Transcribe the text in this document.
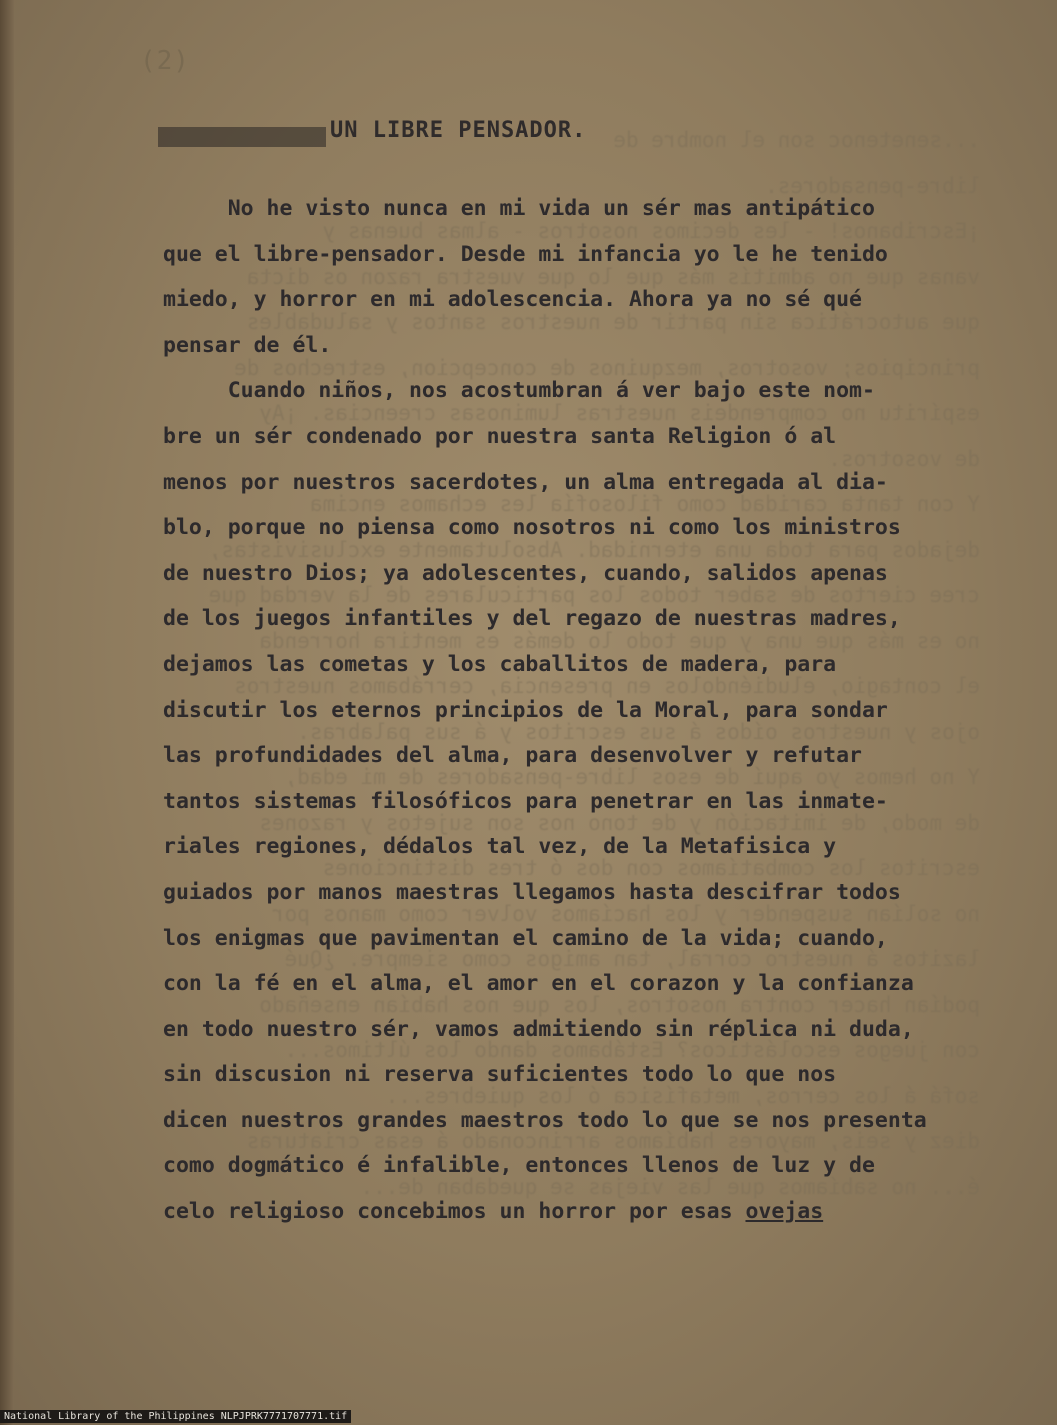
(2)
...senetenoc son el nombre de
libre-pensadores.
¡Escribanos! - les decimos nosotros - almas buenas y
vanas que no admitís más que lo que vuestra razon os dicta
que autocrática sin partir de nuestros santos y saludables
principios; vosotros, mezquinos de concepcion, estrechos de
espíritu no comprendeis nuestras luminosas creencias. ¡Ay
de vosotros.
Y con tanta caridad como filosofía les echamos encima
dejados para toda una eternidad. Absolutamente exclusivistas,
cree ciertos de saber todos los particulares de la verdad que
no es más que una y que todo lo demás es mentira horrenda
el contagio, eludiéndolos en presencia, cerrábamos nuestros
ojos y nuestros oídos á sus escritos y á sus palabras.
Y no hemos yo aquí de esos libre-pensadores de mi edad,
de modo, de imitación y de tono nos son sujetos y razones
escritos los combatíamos con dos ó tres distinciones
no solían suspender y los hacíamos volver como manos por
lazitos á nuestro corral, tan amigos como siempre. ¿Qué
podían hacer contra nosotros, los que nos habían enseñado
con juegos escolásticos? Estábamos dando los últimos...
sofá á los cerros, metafísica ó los quiebres...
diez y seis, mayores habíamos arrinconado á esas criaturas
é... no sabíamos que las viejas se quedaban de...
UN LIBRE PENSADOR.
No he visto nunca en mi vida un sér mas antipático
que el libre-pensador. Desde mi infancia yo le he tenido
miedo, y horror en mi adolescencia. Ahora ya no sé qué
pensar de él.
Cuando niños, nos acostumbran á ver bajo este nom-
bre un sér condenado por nuestra santa Religion ó al
menos por nuestros sacerdotes, un alma entregada al dia-
blo, porque no piensa como nosotros ni como los ministros
de nuestro Dios; ya adolescentes, cuando, salidos apenas
de los juegos infantiles y del regazo de nuestras madres,
dejamos las cometas y los caballitos de madera, para
discutir los eternos principios de la Moral, para sondar
las profundidades del alma, para desenvolver y refutar
tantos sistemas filosóficos para penetrar en las inmate-
riales regiones, dédalos tal vez, de la Metafisica y
guiados por manos maestras llegamos hasta descifrar todos
los enigmas que pavimentan el camino de la vida; cuando,
con la fé en el alma, el amor en el corazon y la confianza
en todo nuestro sér, vamos admitiendo sin réplica ni duda,
sin discusion ni reserva suficientes todo lo que nos
dicen nuestros grandes maestros todo lo que se nos presenta
como dogmático é infalible, entonces llenos de luz y de
celo religioso concebimos un horror por esas ovejas
National Library of the Philippines NLPJPRK7771707771.tif
